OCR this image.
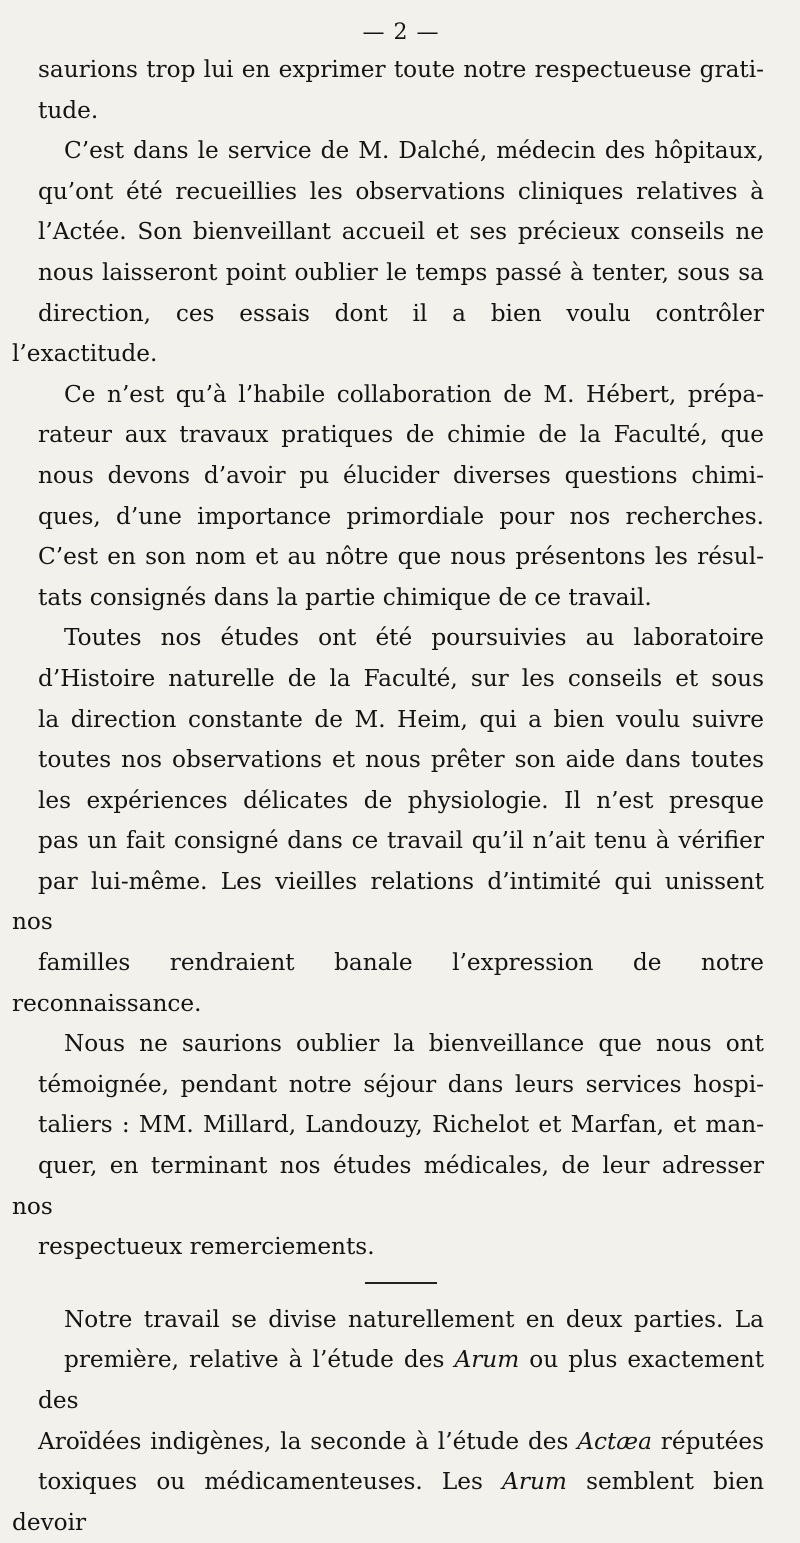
— 2 —

saurions trop lui en exprimer toute notre respectueuse grati-
tude.

C’est dans le service de M. Dalché, médecin des hôpitaux,
qu’ont été recueillies les observations cliniques relatives à
l’Actée. Son bienveillant accueil et ses précieux conseils ne
nous laisseront point oublier le temps passé à tenter, sous sa
direction, ces essais dont il a bien voulu contrôler l’exactitude.

Ce n’est qu’à l’habile collaboration de M. Hébert, prépa-
rateur aux travaux pratiques de chimie de la Faculté, que
nous devons d’avoir pu élucider diverses questions chimi-
ques, d’une importance primordiale pour nos recherches.
C’est en son nom et au nôtre que nous présentons les résul-
tats consignés dans la partie chimique de ce travail.

Toutes nos études ont été poursuivies au laboratoire
d’Histoire naturelle de la Faculté, sur les conseils et sous
la direction constante de M. Heim, qui a bien voulu suivre
toutes nos observations et nous prêter son aide dans toutes
les expériences délicates de physiologie. Il n’est presque
pas un fait consigné dans ce travail qu’il n’ait tenu à vérifier
par lui-même. Les vieilles relations d’intimité qui unissent nos
familles rendraient banale l’expression de notre reconnaissance.

Nous ne saurions oublier la bienveillance que nous ont
témoignée, pendant notre séjour dans leurs services hospi-
taliers : MM. Millard, Landouzy, Richelot et Marfan, et man-
quer, en terminant nos études médicales, de leur adresser nos
respectueux remerciements.

Notre travail se divise naturellement en deux parties. La
première, relative à l’étude des Arum ou plus exactement des
Aroïdées indigènes, la seconde à l’étude des Actæa réputées
toxiques ou médicamenteuses. Les Arum semblent bien devoir
